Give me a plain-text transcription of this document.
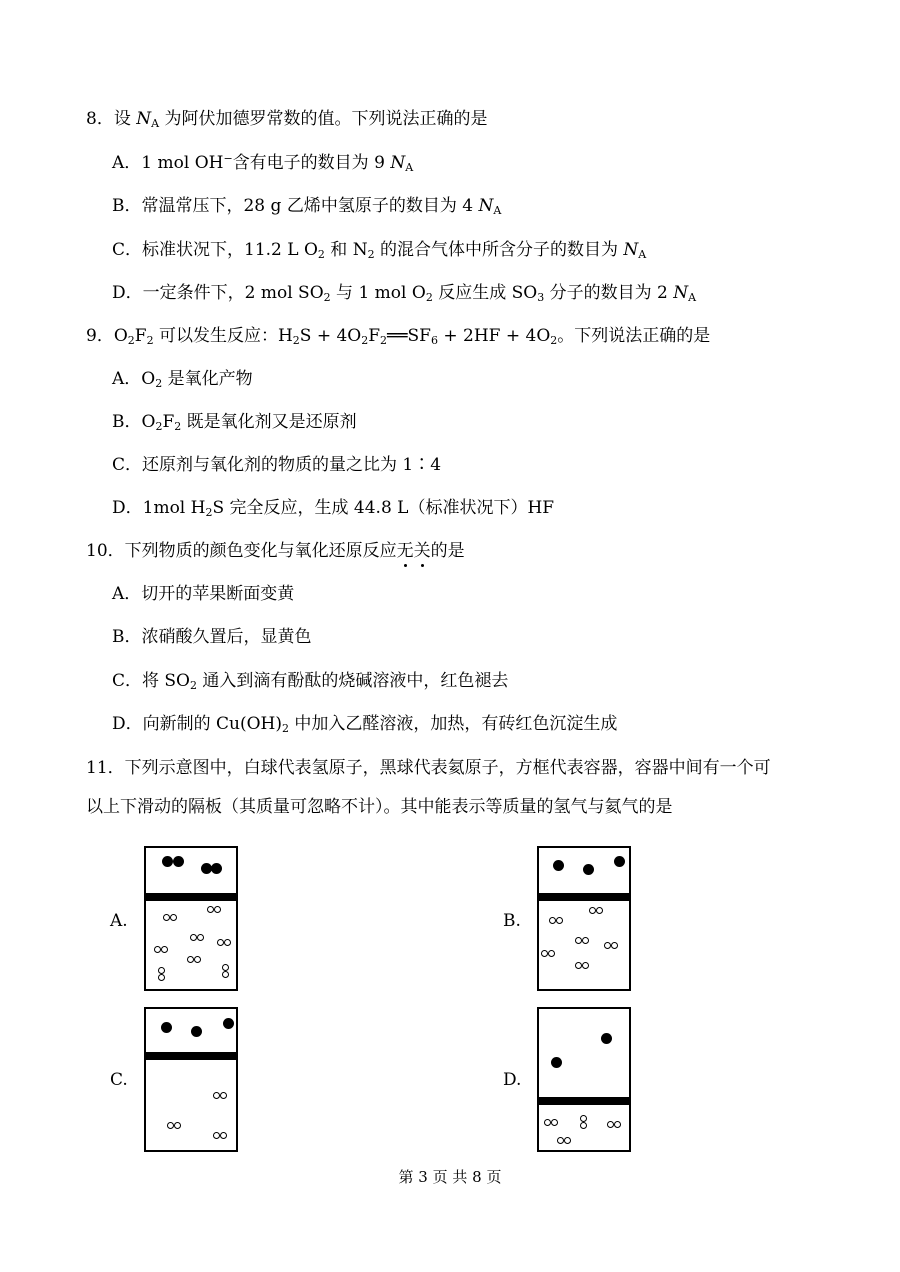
8．设 $N_A$ 为阿伏加德罗常数的值。下列说法正确的是
A．1 mol OH−含有电子的数目为 9 $N_A$
B．常温常压下，28 g 乙烯中氢原子的数目为 4 $N_A$
C．标准状况下，11.2 L $O_2$ 和 $N_2$ 的混合气体中所含分子的数目为 $N_A$
D．一定条件下，2 mol $SO_2$ 与 1 mol $O_2$ 反应生成 $SO_3$ 分子的数目为 2 $N_A$
9．$O_2F_2$ 可以发生反应：$H_2S$ + $4O_2F_2══SF_6 + 2HF + 4O_2$。下列说法正确的是
A．$O_2$ 是氧化产物
B．$O_2F_2$ 既是氧化剂又是还原剂
C．还原剂与氧化剂的物质的量之比为 1∶4
D．1mol $H_2S$ 完全反应，生成 44.8 L（标准状况下）HF
10．下列物质的颜色变化与氧化还原反应无关的是
A．切开的苹果断面变黄
B．浓硝酸久置后，显黄色
C．将 $SO_2$ 通入到滴有酚酞的烧碱溶液中，红色褪去
D．向新制的 $Cu(OH)_2$ 中加入乙醛溶液，加热，有砖红色沉淀生成
11．下列示意图中，白球代表氢原子，黑球代表氦原子，方框代表容器，容器中间有一个可
以上下滑动的隔板（其质量可忽略不计）。其中能表示等质量的氢气与氦气的是
A.	B.
C.	D.
第 3 页 共 8 页
